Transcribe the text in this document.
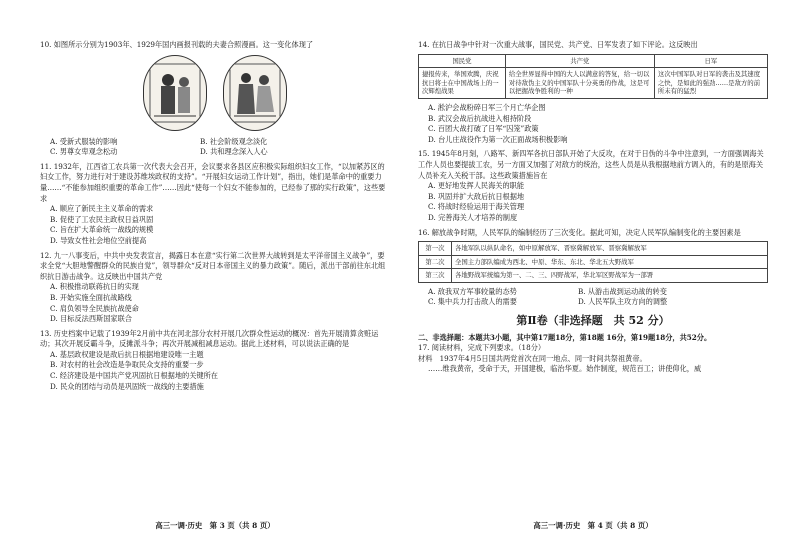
10. 如图所示分别为1903年、1929年国内画报刊载的夫妻合照漫画。这一变化体现了
A. 受新式服装的影响	B. 社会阶级观念淡化
C. 男尊女卑观念松动	D. 共和理念深入人心
11. 1932年，江西省工农兵第一次代表大会召开，会议要求各县区应积极实际组织妇女工作，“以加紧苏区的妇女工作，努力进行对于建设苏维埃政权的支持”。“开展妇女运动工作计划”，指出，她们是革命中的重要力量……“不能参加组织重要的革命工作”……因此“使每一个妇女不能参加的，已经参了那的实行政策”，这些要求
A. 顺应了新民主主义革命的需求
B. 促使了工农民主政权日益巩固
C. 旨在扩大革命统一战线的规模
D. 导致女性社会地位空前提高
12. 九一八事变后，中共中央发表宣言，揭露日本在意“实行第二次世界大战转到是太平洋帝国主义战争”，要求全党“大胆地警醒群众的民族自觉”，领导群众“反对日本帝国主义的暴力政策”。随后，派出干部前往东北组织抗日游击战争。这反映出中国共产党
A. 积极推动联蒋抗日的实现
B. 开始实施全面抗战路线
C. 肩负领导全民族抗战使命
D. 目标反法西斯国家联合
13. 历史档案中记载了1939年2月前中共在河北部分农村开展几次群众性运动的概况：首先开展清算贪赃运动；其次开展反霸斗争，反摊派斗争；再次开展减租减息运动。据此上述材料，可以说法正确的是
A. 基层政权建设是敌后抗日根据地建设唯一主题
B. 对农村的社会改造是争取民众支持的重要一步
C. 经济建设是中国共产党巩固抗日根据地的关键所在
D. 民众的团结与动员是巩固统一战线的主要措施
14. 在抗日战争中针对一次重大战事，国民党、共产党、日军发表了如下评论。这反映出
国民党	共产党	日军
捷报传来，举国欢腾，庆祝抗日将士在中国战场上的一次辉煌战果	给全世界显得中国的大人以满意的答复，给一切以对待敌伪主义的中国军队十分英勇的作战，这是可以把握战争胜利的一种	这次中国军队对日军的袭击及其速度之快，是如此的强劲……是敌方的前所未有的猛烈
A. 淞沪会战粉碎日军三个月亡华企图
B. 武汉会战后抗战进入相持阶段
C. 百团大战打破了日军“囚笼”政策
D. 台儿庄战役作为第一次正面战场积极影响
15. 1945年8月刻，八路军、新四军各抗日部队开始了大反攻，在对于日伪的斗争中注意到，一方面强调海关工作人员也要提拔工农，另一方面又加强了对敌方的统治，这些人员是从我根据地前方调入的，有的是原海关人员补充入关税干部。这些政策措施旨在
A. 更好地发挥人民海关的职能
B. 巩固并扩大敌后抗日根据地
C. 将战时经验运用于海关管理
D. 完善海关人才培养的制度
16. 解放战争时期，人民军队的编制经历了三次变化。据此可知，决定人民军队编制变化的主要因素是
第一次	各地军队以纵队命名，如中原解放军、晋察冀解放军、晋察冀解放军
第二次	全国主力部队编成为西北、中原、华东、东北、华北五大野战军
第三次	各地野战军统编为第一、二、三、四野战军，华北军区野战军为一部署
A. 敌我双方军事较量的态势	B. 从游击战到运动战的转变
C. 集中兵力打击敌人的需要	D. 人民军队主攻方向的调整
第Ⅱ卷（非选择题　共 52 分）
二、非选择题：本题共3小题，其中第17题18分，第18题 16分，第19题18分，共52分。
17. 阅读材料，完成下列要求。（18分）
材料　1937年4月5日国共两党首次在同一地点、同一时间共祭祖黄帝。
……维我黄帝，受命于天，开国建极，临治华夏。始作制度，规范百工；讲使仰化，威
高三一调·历史　第 3 页（共 8 页）	高三一调·历史　第 4 页（共 8 页）
